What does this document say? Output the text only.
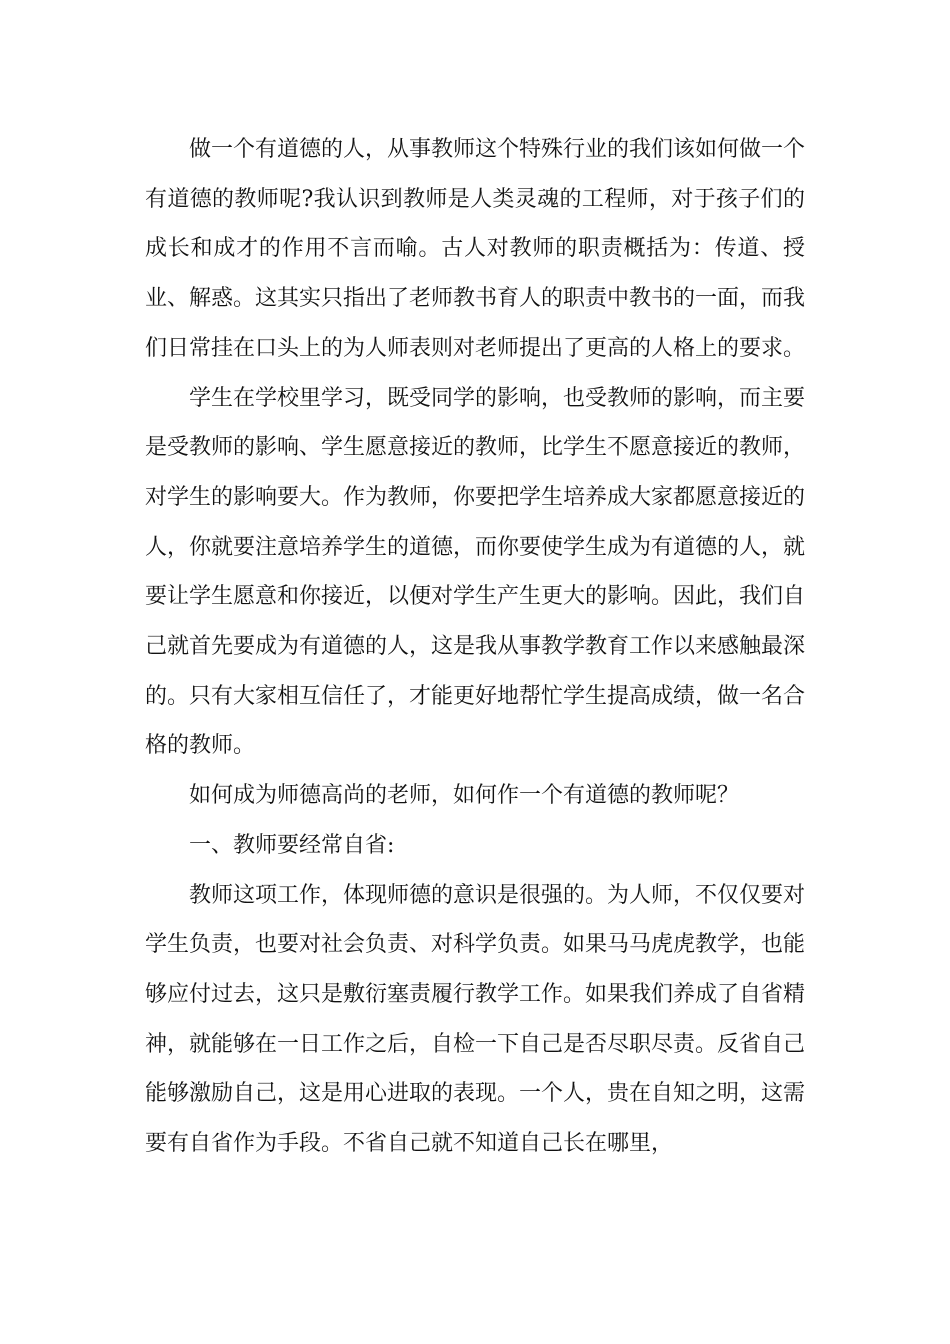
做一个有道德的人，从事教师这个特殊行业的我们该如何做一个有道德的教师呢?我认识到教师是人类灵魂的工程师，对于孩子们的成长和成才的作用不言而喻。古人对教师的职责概括为：传道、授业、解惑。这其实只指出了老师教书育人的职责中教书的一面，而我们日常挂在口头上的为人师表则对老师提出了更高的人格上的要求。

学生在学校里学习，既受同学的影响，也受教师的影响，而主要是受教师的影响、学生愿意接近的教师，比学生不愿意接近的教师，对学生的影响要大。作为教师，你要把学生培养成大家都愿意接近的人，你就要注意培养学生的道德，而你要使学生成为有道德的人，就要让学生愿意和你接近，以便对学生产生更大的影响。因此，我们自己就首先要成为有道德的人，这是我从事教学教育工作以来感触最深的。只有大家相互信任了，才能更好地帮忙学生提高成绩，做一名合格的教师。

如何成为师德高尚的老师，如何作一个有道德的教师呢？

一、教师要经常自省:

教师这项工作，体现师德的意识是很强的。为人师，不仅仅要对学生负责，也要对社会负责、对科学负责。如果马马虎虎教学，也能够应付过去，这只是敷衍塞责履行教学工作。如果我们养成了自省精神，就能够在一日工作之后，自检一下自己是否尽职尽责。反省自己能够激励自己，这是用心进取的表现。一个人，贵在自知之明，这需要有自省作为手段。不省自己就不知道自己长在哪里，
